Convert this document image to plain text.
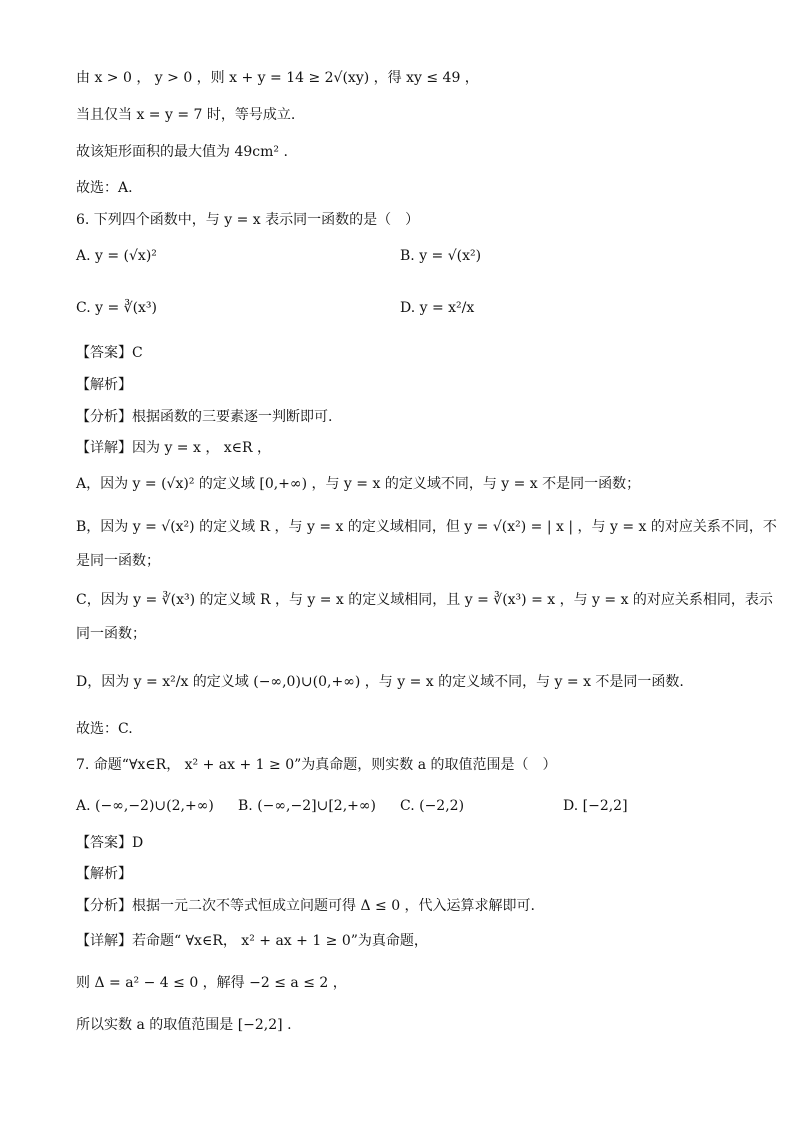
由 x > 0 ， y > 0 ，则 x + y = 14 ≥ 2√(xy) ，得 xy ≤ 49 ，
当且仅当 x = y = 7 时，等号成立.
故该矩形面积的最大值为 49cm² .
故选：A.
6. 下列四个函数中，与 y = x 表示同一函数的是（　）
A. y = (√x)²	B. y = √(x²)
C. y = ∛(x³)	D. y = x²/x
【答案】C
【解析】
【分析】根据函数的三要素逐一判断即可.
【详解】因为 y = x ， x∈R ，
A，因为 y = (√x)² 的定义域 [0,+∞) ，与 y = x 的定义域不同，与 y = x 不是同一函数；
B，因为 y = √(x²) 的定义域 R ，与 y = x 的定义域相同，但 y = √(x²) = | x | ，与 y = x 的对应关系不同，不
是同一函数；
C，因为 y = ∛(x³) 的定义域 R ，与 y = x 的定义域相同，且 y = ∛(x³) = x ，与 y = x 的对应关系相同，表示
同一函数；
D，因为 y = x²/x 的定义域 (−∞,0)∪(0,+∞) ，与 y = x 的定义域不同，与 y = x 不是同一函数.
故选：C.
7. 命题“∀x∈R， x² + ax + 1 ≥ 0”为真命题，则实数 a 的取值范围是（　）
A. (−∞,−2)∪(2,+∞) B. (−∞,−2]∪[2,+∞) C. (−2,2)	D. [−2,2]
【答案】D
【解析】
【分析】根据一元二次不等式恒成立问题可得 Δ ≤ 0 ，代入运算求解即可.
【详解】若命题“ ∀x∈R， x² + ax + 1 ≥ 0”为真命题，
则 Δ = a² − 4 ≤ 0 ，解得 −2 ≤ a ≤ 2 ，
所以实数 a 的取值范围是 [−2,2] .
